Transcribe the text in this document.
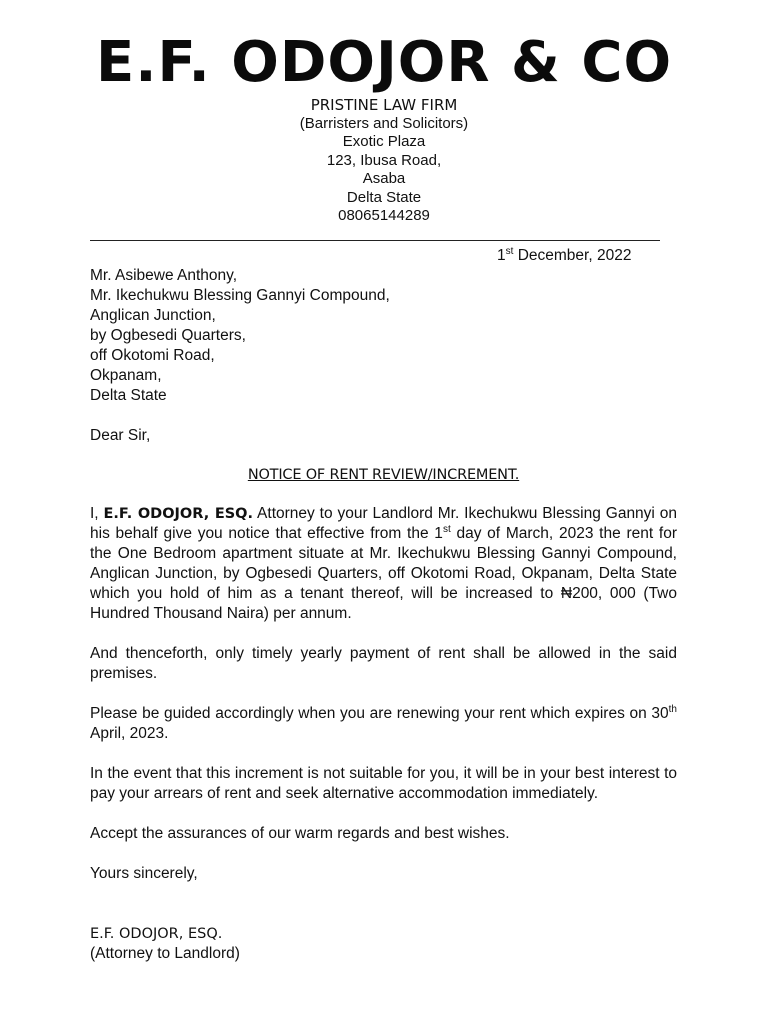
E.F. ODOJOR & CO
PRISTINE LAW FIRM
(Barristers and Solicitors)
Exotic Plaza
123, Ibusa Road,
Asaba
Delta State
08065144289
1st December, 2022
Mr. Asibewe Anthony,
Mr. Ikechukwu Blessing Gannyi Compound,
Anglican Junction,
by Ogbesedi Quarters,
off Okotomi Road,
Okpanam,
Delta State
Dear Sir,
NOTICE OF RENT REVIEW/INCREMENT.

I, E.F. ODOJOR, ESQ. Attorney to your Landlord Mr. Ikechukwu Blessing Gannyi on his behalf give you notice that effective from the 1st day of March, 2023 the rent for the One Bedroom apartment situate at Mr. Ikechukwu Blessing Gannyi Compound, Anglican Junction, by Ogbesedi Quarters, off Okotomi Road, Okpanam, Delta State which you hold of him as a tenant thereof, will be increased to ₦200, 000 (Two Hundred Thousand Naira) per annum.

And thenceforth, only timely yearly payment of rent shall be allowed in the said premises.

Please be guided accordingly when you are renewing your rent which expires on 30th April, 2023.

In the event that this increment is not suitable for you, it will be in your best interest to pay your arrears of rent and seek alternative accommodation immediately.

Accept the assurances of our warm regards and best wishes.

Yours sincerely,
E.F. ODOJOR, ESQ.
(Attorney to Landlord)
